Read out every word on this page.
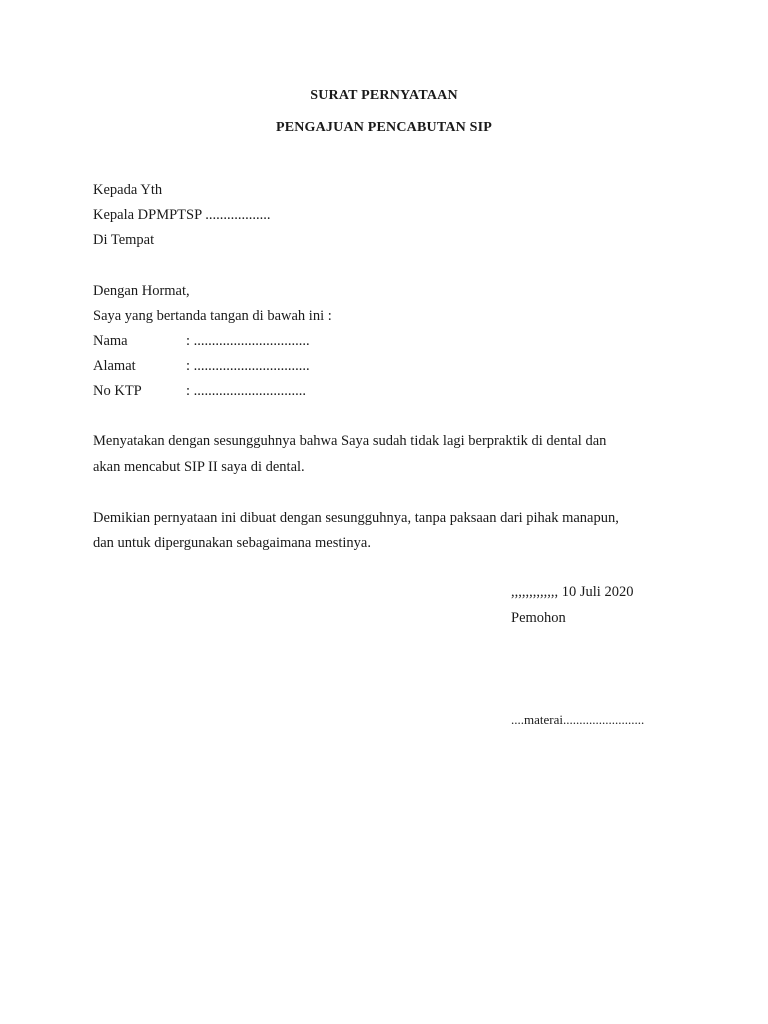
SURAT PERNYATAAN
PENGAJUAN PENCABUTAN SIP
Kepada Yth
Kepala DPMPTSP ..................
Di Tempat
Dengan Hormat,
Saya yang bertanda tangan di bawah ini :
Nama	: ................................
Alamat	: ................................
No KTP	: ...............................
Menyatakan dengan sesungguhnya bahwa Saya sudah tidak lagi berpraktik di dental dan
akan mencabut SIP II saya di dental.
Demikian pernyataan ini dibuat dengan sesungguhnya, tanpa paksaan dari pihak manapun,
dan untuk dipergunakan sebagaimana mestinya.
,,,,,,,,,,,,, 10 Juli 2020
Pemohon
....materai.........................
